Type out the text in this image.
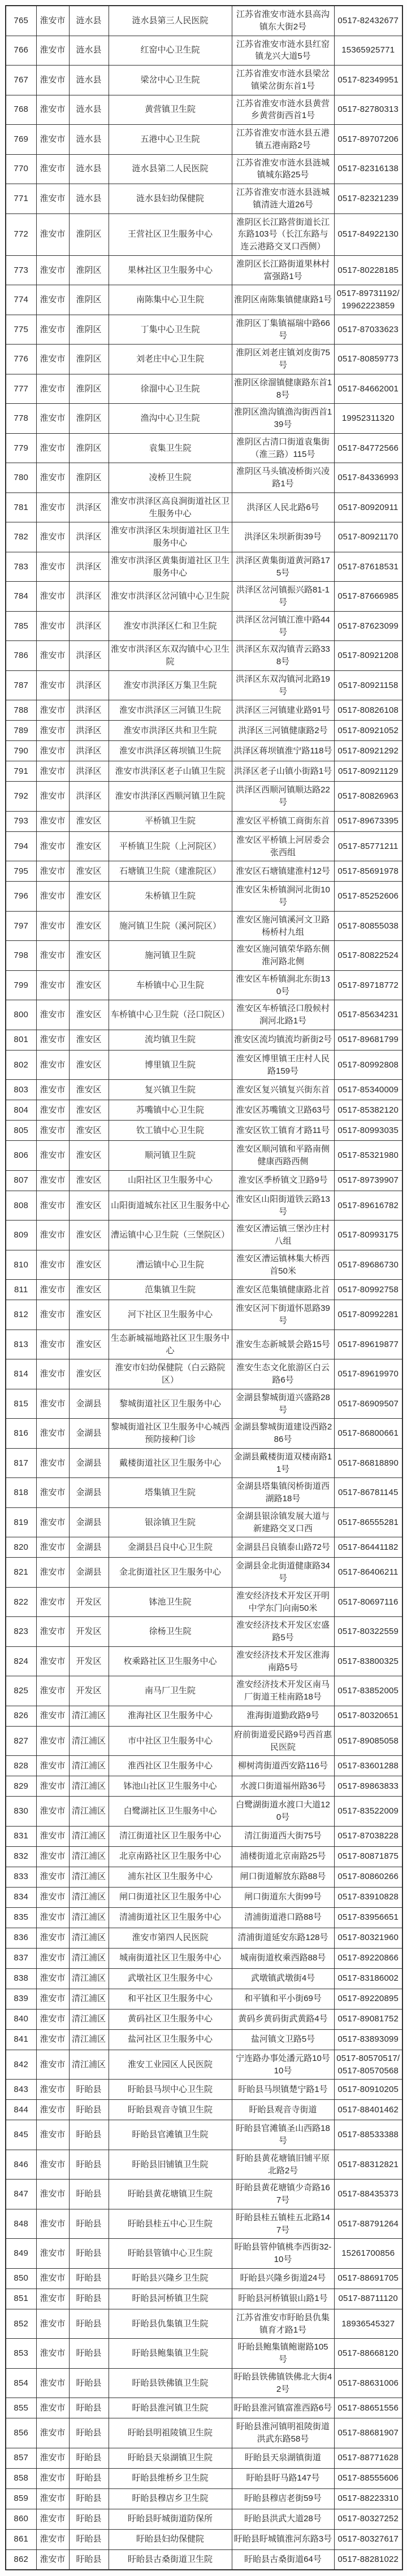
765	淮安市	涟水县	涟水县第三人民医院	江苏省淮安市涟水县高沟镇东大街2号	0517-82432677
766	淮安市	涟水县	红窑中心卫生院	江苏省淮安市涟水县红窑镇龙兴大道5号	15365925771
767	淮安市	涟水县	梁岔中心卫生院	江苏省淮安市涟水县梁岔镇梁岔街东首1号	0517-82349951
768	淮安市	涟水县	黄营镇卫生院	江苏省淮安市涟水县黄营乡黄营街西首1号	0517-82780313
769	淮安市	涟水县	五港中心卫生院	江苏省淮安市涟水县五港镇五港南路2号	0517-89707206
770	淮安市	涟水县	涟水县第二人民医院	江苏省淮安市涟水县涟城镇城东路25号	0517-82316138
771	淮安市	涟水县	涟水县妇幼保健院	江苏省淮安市涟水县涟城镇清涟大道26号	0517-82321239
772	淮安市	淮阴区	王营社区卫生服务中心	淮阴区长江路营街道长江东路103号（长江东路与连云港路交叉口西侧）	0517-84922130
773	淮安市	淮阴区	果林社区卫生服务中心	淮阴区长江路街道果林村富强路1号	0517-80228185
774	淮安市	淮阴区	南陈集中心卫生院	淮阴区南陈集镇健康路1号	0517-89731192/19962223859
775	淮安市	淮阴区	丁集中心卫生院	淮阴区丁集镇福瑞中路66号	0517-87033623
776	淮安市	淮阴区	刘老庄中心卫生院	淮阴区刘老庄镇刘皮街75号	0517-80859773
777	淮安市	淮阴区	徐溜中心卫生院	淮阴区徐溜镇健康路东首18号	0517-84662001
778	淮安市	淮阴区	渔沟中心卫生院	淮阴区渔沟镇渔沟街西首139号	19952311320
779	淮安市	淮阴区	袁集卫生院	淮阴区古清口街道袁集街（淮三路）115号	0517-84772566
780	淮安市	淮阴区	凌桥卫生院	淮阴区马头镇凌桥街兴凌路1号	0517-84336993
781	淮安市	洪泽区	淮安市洪泽区高良涧街道社区卫生服务中心	洪泽区人民北路6号	0517-80920911
782	淮安市	洪泽区	淮安市洪泽区朱坝街道社区卫生服务中心	洪泽区朱坝新街39号	0517-80921170
783	淮安市	洪泽区	淮安市洪泽区黄集街道社区卫生服务中心	洪泽区黄集街道黄河路175号	0517-87618531
784	淮安市	洪泽区	淮安市洪泽区岔河镇中心卫生院	洪泽区岔河镇振兴路81-1号	0517-87666985
785	淮安市	洪泽区	淮安市洪泽区仁和卫生院	洪泽区岔河镇江淮中路44号	0517-87623099
786	淮安市	洪泽区	淮安市洪泽区东双沟镇中心卫生院	洪泽区东双沟镇青云路338号	0517-80921208
787	淮安市	洪泽区	淮安市洪泽区万集卫生院	洪泽区东双沟镇河北路19号	0517-80921158
788	淮安市	洪泽区	淮安市洪泽区三河镇卫生院	洪泽区三河镇建业路91号	0517-80826108
789	淮安市	洪泽区	淮安市洪泽区共和卫生院	洪泽区三河镇健康路2号	0517-80921052
790	淮安市	洪泽区	淮安市洪泽区蒋坝镇卫生院	洪泽区蒋坝镇淮宁路118号	0517-80921292
791	淮安市	洪泽区	淮安市洪泽区老子山镇卫生院	洪泽区老子山镇小街路1号	0517-80921129
792	淮安市	洪泽区	淮安市洪泽区西顺河镇卫生院	洪泽区西顺河镇顺达路22号	0517-80826963
793	淮安市	淮安区	平桥镇卫生院	淮安区平桥镇工商街东首	0517-89673395
794	淮安市	淮安区	平桥镇卫生院（上河院区）	淮安区平桥镇上河居委会张西组	0517-85771211
795	淮安市	淮安区	石塘镇卫生院（建淮院区）	淮安区石塘镇建淮村12号	0517-85691978
796	淮安市	淮安区	朱桥镇卫生院	淮安区朱桥镇涧河北街10号	0517-85252606
797	淮安市	淮安区	施河镇卫生院（溪河院区）	淮安区施河镇溪河文卫路杨桥村九组	0517-80855038
798	淮安市	淮安区	施河镇卫生院	淮安区施河镇荣华路东侧淮河路北侧	0517-80822524
799	淮安市	淮安区	车桥镇中心卫生院	淮安区车桥镇涧北东街130号	0517-89718772
800	淮安市	淮安区	车桥镇中心卫生院（泾口院区）	淮安区车桥镇泾口殷候村涧河北路1号	0517-85634231
801	淮安市	淮安区	流均镇卫生院	淮安区流均镇流均新街2号	0517-89681799
802	淮安市	淮安区	博里镇卫生院	淮安区博里镇王庄村人民路159号	0517-80992808
803	淮安市	淮安区	复兴镇卫生院	淮安区复兴镇复兴街东首	0517-85340009
804	淮安市	淮安区	苏嘴镇中心卫生院	淮安区苏嘴镇文卫路63号	0517-85382120
805	淮安市	淮安区	钦工镇中心卫生院	淮安区钦工镇育才路11号	0517-80993035
806	淮安市	淮安区	顺河镇卫生院	淮安区顺河镇和平路南侧健康西路西侧	0517-85321980
807	淮安市	淮安区	山阳社区卫生服务中心	淮安区季桥镇文卫路9号	0517-89739907
808	淮安市	淮安区	山阳街道城东社区卫生服务中心	淮安区山阳街道铁云路13号	0517-89616782
809	淮安市	淮安区	漕运镇中心卫生院（三堡院区）	淮安区漕运镇三堡沙庄村八组	0517-80993175
810	淮安市	淮安区	漕运镇中心卫生院	淮安区漕运镇林集大桥西首50米	0517-89686730
811	淮安市	淮安区	范集镇卫生院	淮安区范集镇健康路北首	0517-80992758
812	淮安市	淮安区	河下社区卫生服务中心	淮安区河下街道怀恩路39号	0517-80992281
813	淮安市	淮安区	生态新城福地路社区卫生服务中心	淮安生态新城景会路15号	0517-89619877
814	淮安市	淮安区	淮安市妇幼保健院（白云路院区）	淮安生态文化旅游区白云路6号	0517-89619970
815	淮安市	金湖县	黎城街道社区卫生服务中心	金湖县黎城街道兴盛路28号	0517-86909507
816	淮安市	金湖县	黎城街道社区卫生服务中心城西预防接种门诊	金湖县黎城街道建设西路286号	0517-86800661
817	淮安市	金湖县	戴楼街道社区卫生服务中心	金湖县戴楼街道双楼南路11号	0517-86818890
818	淮安市	金湖县	塔集镇卫生院	金湖县塔集镇闵桥街道西湖路18号	0517-86781145
819	淮安市	金湖县	银涂镇卫生院	金湖县银涂镇发展大道与新建路交叉口西	0517-86555281
820	淮安市	金湖县	金湖县吕良中心卫生院	金湖县吕良镇泰山路72号	0517-86441182
821	淮安市	金湖县	金北街道社区卫生服务中心	金湖县金北街道健康路34号	0517-86406211
822	淮安市	开发区	钵池卫生院	淮安经济技术开发区开明中学东门向南50米	0517-80697116
823	淮安市	开发区	徐杨卫生院	淮安经济技术开发区宏盛路5号	0517-80322559
824	淮安市	开发区	枚乘路社区卫生服务中心	淮安经济技术开发区淮海南路5号	0517-83800325
825	淮安市	开发区	南马厂卫生院	淮安经济技术开发区南马厂街道王桂南路18号	0517-83852005
826	淮安市	清江浦区	淮海社区卫生服务中心	淮海街道勤政路9号	0517-80320651
827	淮安市	清江浦区	市中社区卫生服务中心	府前街道爱民路9号西首惠民医院	0517-89085058
828	淮安市	清江浦区	淮西社区卫生服务中心	柳树湾街道西安路116号	0517-83601288
829	淮安市	清江浦区	钵池山社区卫生服务中心	水渡口街道福州路36号	0517-89863833
830	淮安市	清江浦区	白鹭湖社区卫生服务中心	白鹭湖街道水渡口大道120号	0517-83522009
831	淮安市	清江浦区	清江街道社区卫生服务中心	清江街道西大街75号	0517-87038228
832	淮安市	清江浦区	北京南路社区卫生服务中心	浦楼街道北京南路25号	0517-80871875
833	淮安市	清江浦区	浦东社区卫生服务中心	闸口街道解放东路88号	0517-80860266
834	淮安市	清江浦区	闸口街道社区卫生服务中心	闸口街道东大街99号	0517-83910828
835	淮安市	清江浦区	清浦街道社区卫生服务中心	清浦街道港口路88号	0517-83956651
836	淮安市	清江浦区	淮安市第四人民医院	清浦街道延安东路128号	0517-80321960
837	淮安市	清江浦区	城南街道社区卫生服务中心	城南街道枚乘西路88号	0517-89220866
838	淮安市	清江浦区	武墩社区卫生服务中心	武墩镇武墩街4号	0517-83186002
839	淮安市	清江浦区	和平社区卫生服务中心	和平镇和平小街69号	0517-89220895
840	淮安市	清江浦区	黄码社区卫生服务中心	黄码乡黄码街武黄路4号	0517-89081752
841	淮安市	清江浦区	盐河社区卫生服务中心	盐河镇文卫路5号	0517-83893099
842	淮安市	清江浦区	淮安工业园区人民医院	宁连路办事处潘元路10号10号	0517-80570517/0517-80570568
843	淮安市	盱眙县	盱眙县马坝中心卫生院	盱眙县马坝镇楚宁路1号	0517-80910205
844	淮安市	盱眙县	盱眙县观音寺镇卫生院	盱眙县观音寺街道	0517-88401462
845	淮安市	盱眙县	盱眙县官滩镇卫生院	盱眙县官滩镇圣山西路18号	0517-88533388
846	淮安市	盱眙县	盱眙县旧铺镇卫生院	盱眙县黄花塘镇旧铺平原北路2号	0517-88312821
847	淮安市	盱眙县	盱眙县黄花塘镇卫生院	盱眙县黄花塘镇少奇路167号	0517-88435373
848	淮安市	盱眙县	盱眙县桂五中心卫生院	盱眙县桂五镇桂五北路147号	0517-88791264
849	淮安市	盱眙县	盱眙县管镇中心卫生院	盱眙县管仲镇桃李西街32-10号	15261700856
850	淮安市	盱眙县	盱眙县兴隆乡卫生院	盱眙县兴隆乡街道24号	0517-88691705
851	淮安市	盱眙县	盱眙县河桥镇卫生院	盱眙县河桥镇银山路1号	0517-88711120
852	淮安市	盱眙县	盱眙县仇集镇卫生院	江苏省淮安市盱眙县仇集镇育才路1号	18936545327
853	淮安市	盱眙县	盱眙县鲍集镇卫生院	盱眙县鲍集镇鲍谢路105号	0517-88668120
854	淮安市	盱眙县	盱眙县铁佛镇卫生院	盱眙县铁佛镇铁佛北大街42号	0517-88631006
855	淮安市	盱眙县	盱眙县淮河镇卫生院	盱眙县淮河镇富淮西路6号	0517-88651556
856	淮安市	盱眙县	盱眙县明祖陵镇卫生院	盱眙县淮河镇明祖陵街道洪武东路58号	0517-88681907
857	淮安市	盱眙县	盱眙县天泉湖镇卫生院	盱眙县天泉湖镇街道	0517-88771628
858	淮安市	盱眙县	盱眙县维桥乡卫生院	盱眙县盱马路147号	0517-88555606
859	淮安市	盱眙县	盱眙县穆店乡卫生院	盱眙县穆店老街59号	0517-88223310
860	淮安市	盱眙县	盱眙县盱城街道防保所	盱眙县洪武大道28号	0517-80327252
861	淮安市	盱眙县	盱眙县妇幼保健院	盱眙县盱城镇淮河东路3号	0517-80327617
862	淮安市	盱眙县	盱眙县古桑街道卫生院	盱眙县古桑街道64号	0517-88281022
